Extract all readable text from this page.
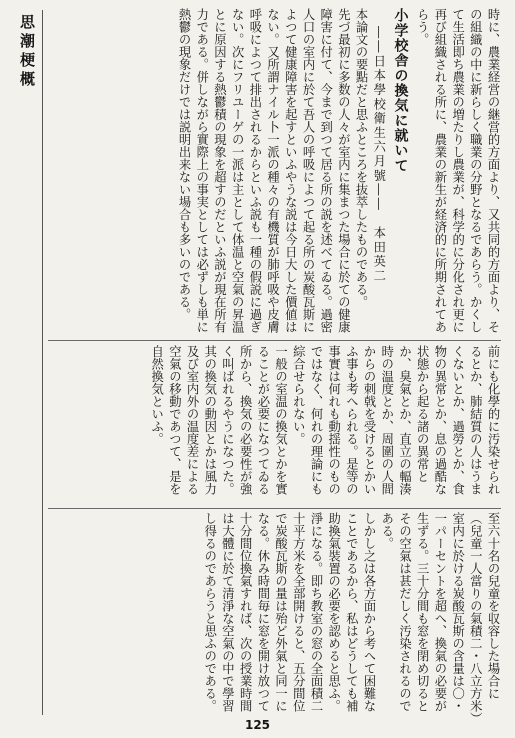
思潮梗概	時に、農業経営の継営的方面より、又共同的方面より、その組織の中に新らしく職業の分野となるであらう。かくして生活即ち農業の増たりし農業が、科学的に分化され更に再び組織される所に、農業の新生が経済的に所期されてあらう。

小学校舎の換気に就いて

――日本學校衛生六月號――　本田英二

本論文の要點だと思ふところを抜萃したものである。

先づ最初に多数の人々が室内に集まつた場合に於ての健康障害に付て、今まで到つて居る所の説を述べてゐる。過密人口の室内に於て吾人の呼吸によつて起る所の炭酸瓦斯によつて健康障害を起すといふやうな説は今日大した價値はない。又所謂ナイル卜一派の種々の有機質が肺呼吸や皮膚呼吸によつて排出されるからといふ説も一種の假説に過ぎない。次にフリユーゲの一派は主として体温と空氣の昇温とに原因する熱鬱積の現象を超すのだといふ説が現在所有力である。併しながら實際上の事実としては必ずしも単に熱鬱の現象だけでは説明出来ない場合も多いのである。

前にも化學的に汚染せられるとか、肺結質の人はうまくないとか、過勞とか、食物の異常とか、息の過酷な状態から起る諸の異常とか、臭氣とか、直立の輻湊時の温度とか、周圍の人間からの刺戟を受けるとかいふ事も考へられる。是等の事實は何れも動揺性のものではなく、何れの理論にも綜合せられない。

一般の室温の換気とかを實ることが必要になつてゐる所から、換気の必要性が強く叫ばれるやうになつた。其の換気の動因とかは風力及び室内外の温度差による空氣の移動であつて、是を自然換気といふ。

至六十名の兒童を収容した場合に（兒童一人當りの氣積二・八立方米）室内に於ける炭酸瓦斯の含量は〇・一パーセントを超へ、換氣の必要が生ずる。三十分間も窓を閉め切るとその空氣は甚だしく汚染されるのである。

しかし之は各方面から考へて困難なことであるから、私はどうしても補助換氣裝置の必要を認めると思ふ。

淨になる。即ち教室の窓の全面積二十平方米を全部開けると、五分間位で炭酸瓦斯の量は殆ど外氣と同一になる。休み時間毎に窓を開け放つて十分間位換氣すれば、次の授業時間は大體に於て清淨な空氣の中で學習し得るのであらうと思ふのである。

125
